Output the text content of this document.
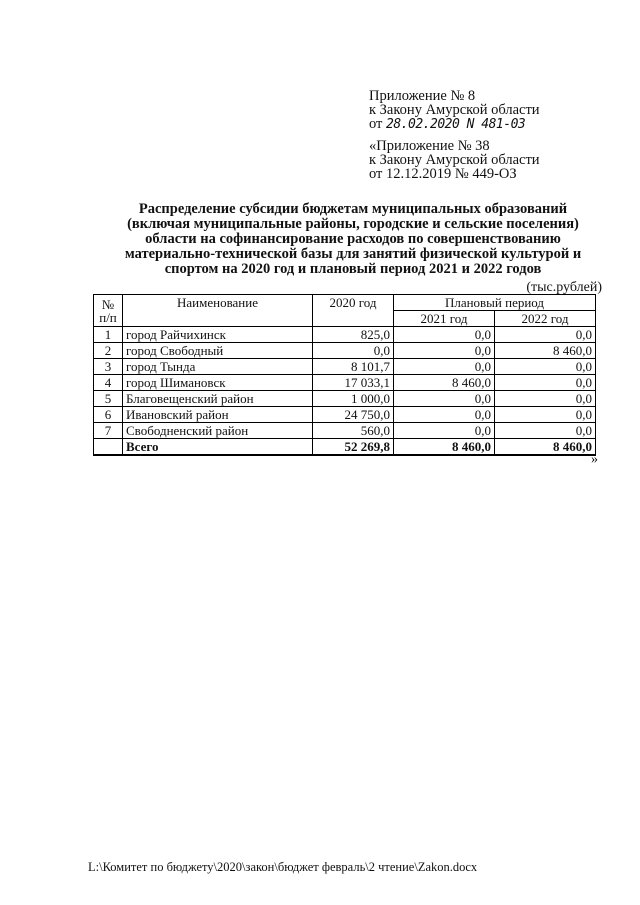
Приложение № 8
к Закону Амурской области
от 28.02.2020 N 481-03
«Приложение № 38
к Закону Амурской области
от 12.12.2019 № 449-ОЗ
Распределение субсидии бюджетам муниципальных образований
(включая муниципальные районы, городские и сельские поселения)
области на софинансирование расходов по совершенствованию
материально-технической базы для занятий физической культурой и
спортом на 2020 год и плановый период 2021 и 2022 годов
(тыс.рублей)
№ п/п	Наименование	2020 год	Плановый период	
			2021 год	2022 год
1	город Райчихинск	825,0	0,0	0,0
2	город Свободный	0,0	0,0	8 460,0
3	город Тында	8 101,7	0,0	0,0
4	город Шимановск	17 033,1	8 460,0	0,0
5	Благовещенский район	1 000,0	0,0	0,0
6	Ивановский район	24 750,0	0,0	0,0
7	Свободненский район	560,0	0,0	0,0
	Всего	52 269,8	8 460,0	8 460,0
»
L:\Комитет по бюджету\2020\закон\бюджет февраль\2 чтение\Zakon.docx
